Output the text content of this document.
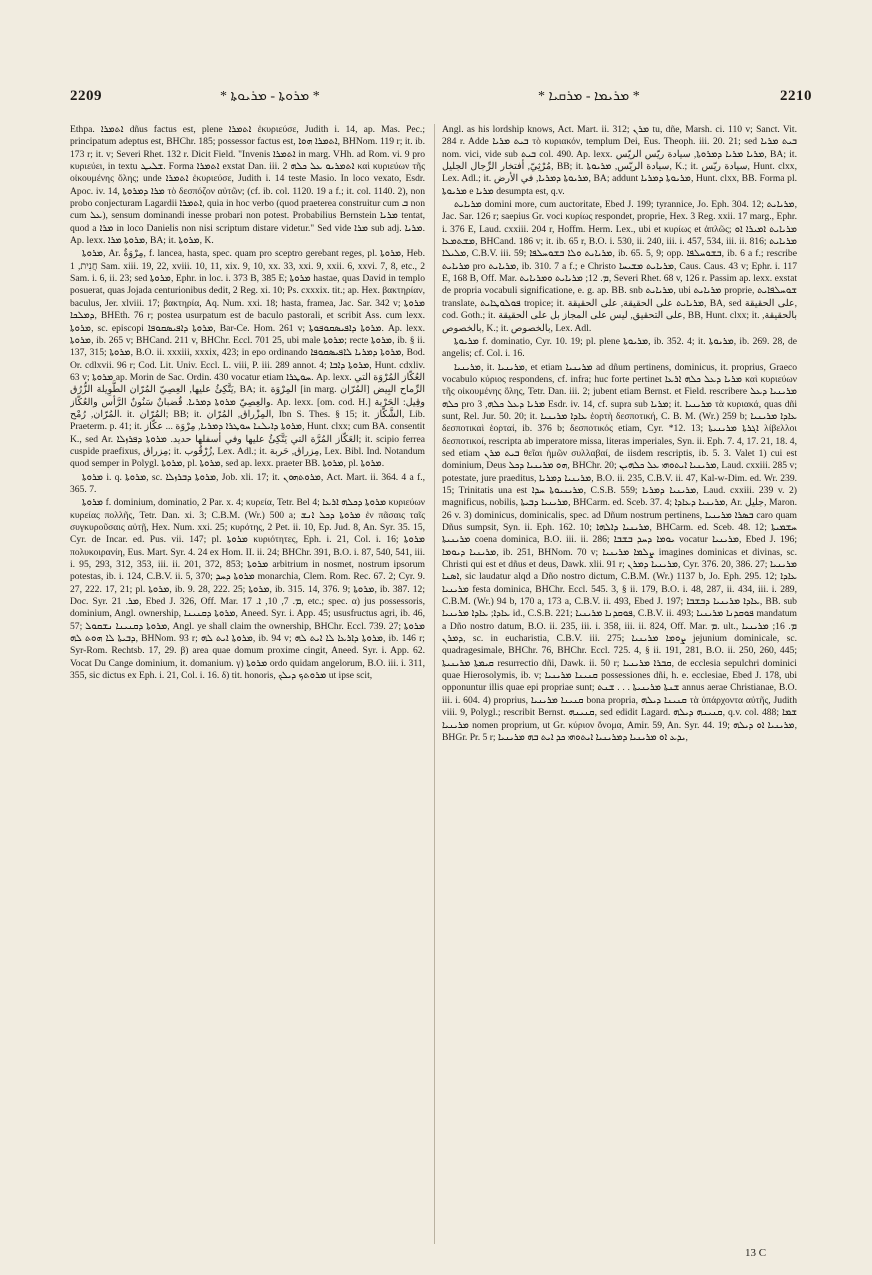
2209	* ܡܪܘܬܐ - ܡܪܝܘܬܐ *	* ܡܪܝܡܐ - ܡܪܩܝܐ *	2210

Ethpa. ܐܬܡܪܐ dñus factus est, plene ܐܬܡܪܐ ἐκυριεύσε, Judith i. 14, ap. Mas. Pec.; principatum adeptus est, BHChr. 185; possessor factus est, ܐܬܡܪܐ ܗܘܐ, BHNom. 119 r; it. ib. 173 r; it. v; Severi Rhet. 132 r. Dicit Field. "Invenis ܐܬܡܪܐ in marg. VHh. ad Rom. vi. 9 pro κυριεύει, in textu ܫܠܝܛ. Forma ܐܬܡܪܐ exstat Dan. iii. 2 ܐܬܡܪܝܘ ܥܠ ܟܠܗ καὶ κυριεύων τῆς οἰκουμένης ὅλης; unde ܐܬܡܪܐ ἐκυριεύσε, Judith i. 14 teste Masio. In loco vexato, Esdr. Apoc. iv. 14, ܡܪܐ ܕܡܪܘܬܐ τὸ δεσπόζον αὐτῶν; (cf. ib. col. 1120. 19 a f.; it. col. 1140. 2), non probo conjecturam Lagardii ܐܬܡܪܐ, quia in hoc verbo (quod praeterea construitur cum ܒ non cum ܥܠ), sensum dominandi inesse probari non potest. Probabilius Bernstein ܡܪܝܐ tentat, quod a ܡܪܐ in loco Danielis non nisi scriptum distare videtur." Sed vide ܡܪܐ sub adj. ܡܪܝܐ. Ap. lexx. ܡܪܘܬܐ ܡܪܐ, BA; it. ܡܪܘܬܐ, K.

ܡܪܘܬܐ, Ar. مِرْوَةٌ, f. lancea, hasta, spec. quam pro sceptro gerebant reges, pl. ܡܪܘܬܐ, Heb. חֲנִית, 1 Sam. xiii. 19, 22, xviii. 10, 11, xix. 9, 10, xx. 33, xxi. 9, xxii. 6, xxvi. 7, 8, etc., 2 Sam. i. 6, ii. 23; sed ܡܪܘܬܐ, Ephr. in loc. i. 373 B, 385 E; ܡܪܘܬܐ hastae, quas David in templo posuerat, quas Jojada centurionibus dedit, 2 Reg. xi. 10; Ps. cxxxix. tit.; ap. Hex. βακτηρίαν, baculus, Jer. xlviii. 17; βακτηρία, Aq. Num. xxi. 18; hasta, framea, Jac. Sar. 342 v; ܡܪܘܬܐ ܕܡܠܟܐ, BHEth. 76 r; postea usurpatum est de baculo pastorali, et scribit Ass. cum lexx. ܡܪܘܬܐ, sc. episcopi ܡܪܘܬܐ ܕܐܦܝܣܩܘܦܐ, Bar-Ce. Hom. 261 v; ܡܪܘܬܐ ܕܐܦܝܣܩܘܦܘܬܐ. Ap. lexx. ܡܪܘܬܐ, ib. 265 v; BHCand. 211 v, BHChr. Eccl. 701 25, ubi male ܡܪܘܬܐ; recte ܡܪܘܬܐ, ib. § ii. 137, 315; ܡܪܘܬܐ, B.O. ii. xxxiii, xxxix, 423; in epo ordinando ܡܪܘܬܐ ܕܡܪܝܐ ܠܐܦܝܣܩܘܦܐ, Bod. Or. cdlxvii. 96 r; Cod. Lit. Univ. Eccl. L. viii, P. iii. 289 annot. 4; ܡܪܘܬܐ ܕܐܒܐ, Hunt. cdxliv. 63 v; ܡܪܘܬܐ ap. Morin de Sac. Ordin. 430 vocatur etiam ܚܘܛܪܐ. Ap. lexx. العُكّاز المُرْوَة التي يَتَّكِئُ عليها, العِصِيّ المُرّان الطَّوِيلة الزُّرُق, BA; it. المِرْوَة [in marg. المُرّان] الرِّماح البِيض والعِصِيّ ܡܪܘܬܐ ܕܡܪܝܐ. قُضبانٌ سَنُونٌ الرَّأس والعُكّاز. Ap. lexx. [om. cod. H.] وقِيل: الحَرْبة المُرّان, رُمْح. it. المُرّان; BB; it. المِزْراق, المُرّان, Ibn S. Thes. § 15; it. الشَّكّاز, Lib. Praeterm. p. 41; it. ܡܪܘܬܐ ܕܐܝܠܢܐ ܚܘܛܪܐ ܕܡܪܝܐ, مِرْوَة ... عكّاز, Hunt. clxx; cum BA. consentit K., sed Ar. العَكّاز المُرَّة التي يَتَّكِئُ عليها وفي أسفلها حديد. ܡܪܘܬܐ ܕܦܪܙܠܐ; it. scipio ferrea cuspide praefixus, مِزراق; it. زُرْقُوب, Lex. Adl.; it. مِزراق, حَربة, Lex. Bibl. Ind. Notandum quod semper in Polygl. ܡܪܘܬܐ, pl. ܡܪܘܬܐ, sed ap. lexx. praeter BB. ܡܪܘܬܐ, pl. ܡܪܘܬܐ.

ܡܪܘܬܐ i. q. ܡܪܘܬܐ, sc. ܡܪܘܬܐ ܕܒܪܙܠܐ, Job. xli. 17; it. ܡܪܘܬܗܘܢ, Act. Mart. ii. 364. 4 a f., 365. 7.

ܡܪܘܬܐ f. dominium, dominatio, 2 Par. x. 4; κυρεία, Tetr. Bel 4; ܡܪܘܬܐ ܕܟܠܗ ܐܪܥܐ κυριεύων κυρείας πολλῆς, Tetr. Dan. xi. 3; C.B.M. (Wr.) 500 a; ܡܪܘܬܐ ܕܟܠ ܐܢܫ ἐν πᾶσαις ταῖς συγκυροῦσαις αὐτῇ, Hex. Num. xxi. 25; κυρότης, 2 Pet. ii. 10, Ep. Jud. 8, An. Syr. 35. 15, Cyr. de Incar. ed. Pus. vii. 147; pl. ܡܪܘܬܐ κυριότητες, Eph. i. 21, Col. i. 16; ܡܪܘܬܐ πολυκοιρανίη, Eus. Mart. Syr. 4. 24 ex Hom. II. ii. 24; BHChr. 391, B.O. i. 87, 540, 541, iii. i. 95, 293, 312, 353, iii. ii. 201, 372, 853; ܡܪܘܬܐ arbitrium in nosmet, nostrum ipsorum potestas, ib. i. 124, C.B.V. ii. 5, 370; ܡܪܘܬܐ ܕܚܕ monarchia, Clem. Rom. Rec. 67. 2; Cyr. 9. 27, 222. 17, 21; pl. ܡܪܘܬܐ, ib. 9. 28, 222. 25; ܡܪܘܬܐ, ib. 315. 14, 376. 9; ܡܪܘܬܐ, ib. 387. 12; Doc. Syr. ܡܪ. 21, Ebed J. 326, Off. Mar. ܡ. 7, 10, ܐ. 17, etc.; spec. α) jus possessoris, dominium, Angl. ownership, ܡܪܘܬܐ ܕܩܢܝܢܐ, Aneed. Syr. i. App. 45; ususfructus agri, ib. 46, 57; ܡܪܘܬܐ ܕܩܢܝܢܐ ܢܫܩܘܠ, Angl. ye shall claim the ownership, BHChr. Eccl. 739. 27; ܡܪܘܬܐ ܕܒܝܬܐ ܠܐ ܗܘܬ ܠܗ, BHNom. 93 r; ܡܪܘܬܐ ܐܝܬ ܠܗ, ib. 94 v; ܡܪܘܬܐ ܕܐܪܥܐ ܠܐ ܐܝܬ ܠܗ, ib. 146 r; Syr-Rom. Rechtsb. 17, 29. β) area quae domum proxime cingit, Aneed. Syr. i. App. 62. Vocat Du Cange dominium, it. domanium. γ) ܡܪܘܬܐ ordo quidam angelorum, B.O. iii. i. 311, 355, sic dictus ex Eph. i. 21, Col. i. 16. δ) tit. honoris, ܡܪܘܬܟ ܕܝܠܟ ut ipse scit,

Angl. as his lordship knows, Act. Mart. ii. 312; ܡܪܢ tu, dñe, Marsh. ci. 110 v; Sanct. Vit. 284 r. Adde ܒܝܬ ܡܪܝܐ τὸ κυριακόν, templum Dei, Eus. Theoph. iii. 20. 21; sed ܒܝܬ ܡܪܝܐ nom. vici, vide sub ܒܝܬ col. 490. Ap. lexx. ܡܪܝܐ ܡܪܝܐ ܕܡܪܘܬܐ, سيادة ريّس الريّس, BA; it. مُرْثِيّ, أفتخار الرِّجال الجليل, BB; it. سيادة الريّس, ܡܪܝܘܬܐ, K.; it. سيادة ريّس, Hunt. clxx, Lex. Adl.; it. ܡܪܝܘܬܐ ܕܡܪܝܐ, في الأرض, BA; addunt ܡܪܝܘܬܐ ܕܡܪܝܐ, Hunt. clxx, BB. Forma pl. ܡܪܝܘܬܐ e ܡܪܝܐ desumpta est, q.v.

ܡܪܝܐܝܬ domini more, cum auctoritate, Ebed J. 199; tyrannice, Jo. Eph. 304. 12; ܡܪܝܐܝܬ, Jac. Sar. 126 r; saepius Gr. voci κυρίως respondet, proprie, Hex. 3 Reg. xxii. 17 marg., Ephr. i. 376 E, Laud. cxxiii. 204 r, Hoffm. Herm. Lex., ubi et κυρίως et ἁπλῶς; ܡܪܝܐܝܬ ܐܡܝܪܐ ܐܘ ܡܫܬܡܥܐ, BHCand. 186 v; it. ib. 65 r, B.O. i. 530, ii. 240, iii. i. 457, 534, iii. ii. 816; ܡܪܝܐܝܬ ܡܠܝܠܐ, C.B.V. iii. 59; ܡܪܝܐܝܬ ܘܠܐ ܒܫܘܚܠܦܐ, ib. 65. 5, 9; opp. ܒܫܘܚܠܦܐ, ib. 6 a f.; rescribe ܡܪܝܐܝܬ pro ܡܪܝܐܝܬ, ib. 310. 7 a f.; e Christo ܡܪܝܐܝܬ ܡܫܝܚܐ, Caus. Caus. 43 v; Ephr. i. 117 E, 168 B, Off. Mar. ܡ. 12; ܡܪܝܐܝܬ ܘܡܪܝܐܝܬ, Severi Rhet. 68 v, 126 r. Passim ap. lexx. exstat de propria vocabuli significatione, e. g. ap. BB. snb ܡܪܝܐܝܬ, ubi ܡܪܝܐܝܬ proprie, ܫܘܚܠܦܐܝܬ translate, ܦܘܠܘܛܐܝܬ tropice; it. ܡܪܝܐܝܬ على الحقيقة, على الحقيقة, BA, sed على الحقيقة, cod. Goth.; it. على التحقيق, ليس على المجاز بل على الحقيقة, BB, Hunt. clxx; it. بالحقيقة, بالخصوص, K.; it. بالخصوص, Lex. Adl.

ܡܪܝܘܬܐ f. dominatio, Cyr. 10. 19; pl. plene ܡܪܝܘܬܐ, ib. 352. 4; it. ܡܪܝܘܬܐ, ib. 269. 28, de angelis; cf. Col. i. 16.

ܡܪܝܢܝܐ, it. ܡܪܝܢܝܐ, et etiam ܡܪܝܢܝܐ ad dñum pertinens, dominicus, it. proprius, Graeco vocabulo κύριος respondens, cf. infra; huc forte pertinet ܡܪܝܐ ܕܥܠ ܟܠܗ ܐܪܥܐ καὶ κυριεύων τῆς οἰκουμένης ὅλης, Tetr. Dan. iii. 2; jubent etiam Bernst. et Field. rescribere ܡܪܝܢܝܐ ܕܥܠ ܟܠܗ pro ܡܪܝܐ ܕܥܠ ܟܠܗ, 3 Esdr. iv. 14, cf. supra sub ܡܪܝܐ; it. ܡܪܝܢܝܐ τὰ κυριακά, quas dñi sunt, Rel. Jur. 50. 20; it. ܥܐܕܐ ܡܪܝܢܝܐ ἑορτὴ δεσποτική, C. B. M. (Wr.) 259 b; ܥܐܕܐ ܡܪܝܢܝܐ δεσποτικαὶ ἑορταί, ib. 376 b; δεσποτικός etiam, Cyr. *12. 13; ܐܓܪܬܐ ܡܪܝܢܝܬܐ λίβελλοι δεσποτικοί, rescripta ab imperatore missa, literas imperiales, Syn. ii. Eph. 7. 4, 17. 21, 18. 4, sed etiam ܒܝܬ ܡܪܢ θεῖαι ἡμῶν συλλαβαί, de iisdem rescriptis, ib. 5. 3. Valet 1) cui est dominium, Deus ܗܘ ܡܪܝܢܝܐ ܕܟܠ, BHChr. 20; ܡܪܝܢܝܐ ܐܝܬܘܗܝ ܥܠ ܟܠܗܝܢ, Laud. cxxiii. 285 v; potestate, jure praeditus, ܡܪܝܢܝܐ ܕܡܪܝܐ, B.O. ii. 235, C.B.V. ii. 47, Kal-w-Dim. ed. Wr. 239. 15; Trinitatis una est ܡܪܝܢܝܘܬܐ ܚܕܐ, C.S.B. 559; ܡܪܝܢܝܐ ܕܡܪܝܐ, Laud. cxxiii. 239 v. 2) magnificus, nobilis, ܡܪܝܢܝܐ ܕܒܝܬܐ, BHCarm. ed. Sceb. 37. 4; ܡܪܝܢܝܐ ܕܥܐܕܐ, Ar. جليل, Maron. 26 v. 3) dominicus, dominicalis, spec. ad Dñum nostrum pertinens, ܒܣܪܐ ܡܪܝܢܝܐ caro quam Dñus sumpsit, Syn. ii. Eph. 162. 10; ܡܪܝܢܝܐ ܕܐܠܗܐ, BHCarm. ed. Sceb. 48. 12; ܚܫܡܝܬܐ ܡܪܝܢܝܬܐ coena dominica, B.O. iii. ii. 286; ܝܘܡܐ ܕܚܕ ܒܫܒܐ vocatur ܡܪܝܢܝܐ, Ebed J. 196; ܡܪܝܢܝܐ ܕܝܘܡܐ, ib. 251, BHNom. 70 v; ܨܠܡܐ ܡܪܝܢܝܐ imagines dominicas et divinas, sc. Christi qui est et dñus et deus, Dawk. xlii. 91 r; ܡܪܝܢܝܐ ܕܡܪܢ, Cyr. 376. 20, 386. 27; ܡܪܝܢܝܐ ܐܣܢܐ, sic laudatur alqd a Dño nostro dictum, C.B.M. (Wr.) 1137 b, Jo. Eph. 295. 12; ܥܐܕܐ ܡܪܝܢܝܐ festa dominica, BHChr. Eccl. 545. 3, § ii. 179, B.O. i. 48, 287, ii. 434, iii. i. 289, C.B.M. (Wr.) 94 b, 170 a, 173 a, C.B.V. ii. 493, Ebed J. 197; ܥܐܕܐ ܡܪܝܢܝܐ ܕܒܫܒܐ, BB. sub ܥܐܕܐ; ܥܐܕܐ ܡܪܝܢܝܐ id., C.S.B. 221; ܦܘܩܕܢܐ ܡܪܝܢܝܐ, C.B.V. ii. 493; ܦܘܩܕܢܐ ܡܪܝܢܝܐ mandatum a Dño nostro datum, B.O. ii. 235, iii. i. 358, iii. ii. 824, Off. Mar. ܡ. ult., ܡ. 16; ܡܪܝܢܝܐ ܕܡܪܢ, sc. in eucharistia, C.B.V. iii. 275; ܨܘܡܐ ܡܪܝܢܝܐ jejunium dominicale, sc. quadragesimale, BHChr. 76, BHChr. Eccl. 725. 4, § ii. 191, 281, B.O. ii. 250, 260, 445; ܩܝܡܬܐ ܡܪܝܢܝܬܐ resurrectio dñi, Dawk. ii. 50 r; ܩܒܪܐ ܡܪܝܢܝܐ, de ecclesia sepulchri dominici quae Hierosolymis, ib. v; ܩܢܝܢܐ ܡܪܝܢܝܐ possessiones dñi, h. e. ecclesiae, Ebed J. 178, ubi opponuntur illis quae epi propriae sunt; ܫܢܬܐ ܡܪܝܢܝܬܐ . . . ܫܢܬ annus aerae Christianae, B.O. iii. i. 604. 4) proprius, ܩܢܝܢܐ ܡܪܝܢܝܐ bona propria, ܩܢܝܢܐ ܕܝܠܗ τὰ ὑπάρχοντα αὐτῆς, Judith viii. 9, Polygl.; rescribit Bernst. ܩܢܝܢܗ, sed edidit Lagard. ܩܢܝܢܗ ܕܝܠܗ, q.v. col. 488; ܫܡܐ ܡܪܝܢܝܐ nomen proprium, ut Gr. κύριον ὄνομα, Amir. 59, An. Syr. 44. 19; ܡܪܝܢܝܐ ܐܘ ܕܝܠܗ, BHGr. Pr. 5 r; ܝܕܥ ܐܘ ܡܪܝܢܝܐ ܕܡܪܝܢܝܐ ܐܝܬܘܗܝ ܟܕ ܐܝܬ ܒܗ ܡܪܝܢܝܐ,

13 C
